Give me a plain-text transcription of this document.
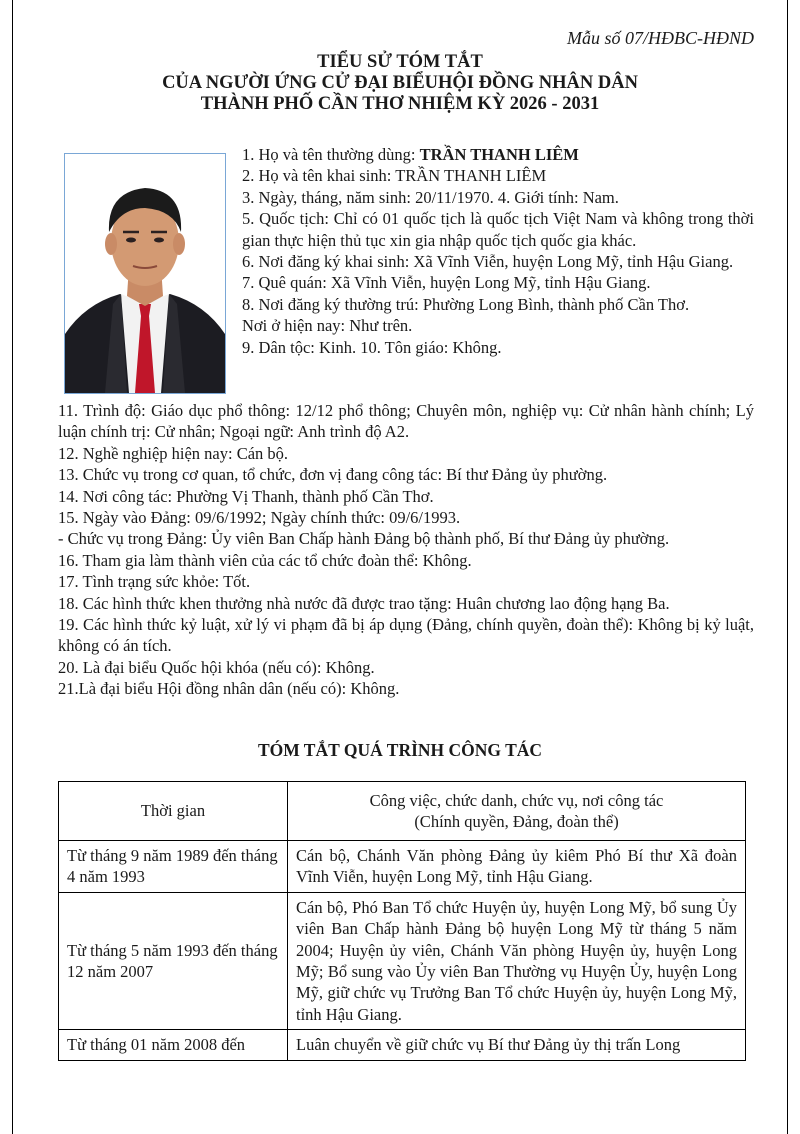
Mẫu số 07/HĐBC-HĐND
TIỂU SỬ TÓM TẮT
CỦA NGƯỜI ỨNG CỬ ĐẠI BIỂUHỘI ĐỒNG NHÂN DÂN
THÀNH PHỐ CẦN THƠ NHIỆM KỲ 2026 - 2031

1. Họ và tên thường dùng: TRẦN THANH LIÊM

2. Họ và tên khai sinh: TRẦN THANH LIÊM

3. Ngày, tháng, năm sinh: 20/11/1970. 4. Giới tính: Nam.

5. Quốc tịch: Chỉ có 01 quốc tịch là quốc tịch Việt Nam và không trong thời gian thực hiện thủ tục xin gia nhập quốc tịch quốc gia khác.

6. Nơi đăng ký khai sinh: Xã Vĩnh Viễn, huyện Long Mỹ, tỉnh Hậu Giang.

7. Quê quán: Xã Vĩnh Viễn, huyện Long Mỹ, tỉnh Hậu Giang.

8. Nơi đăng ký thường trú: Phường Long Bình, thành phố Cần Thơ.

Nơi ở hiện nay: Như trên.

9. Dân tộc: Kinh. 10. Tôn giáo: Không.

11. Trình độ: Giáo dục phổ thông: 12/12 phổ thông; Chuyên môn, nghiệp vụ: Cử nhân hành chính; Lý luận chính trị: Cử nhân; Ngoại ngữ: Anh trình độ A2.

12. Nghề nghiệp hiện nay: Cán bộ.

13. Chức vụ trong cơ quan, tổ chức, đơn vị đang công tác: Bí thư Đảng ủy phường.

14. Nơi công tác: Phường Vị Thanh, thành phố Cần Thơ.

15. Ngày vào Đảng: 09/6/1992; Ngày chính thức: 09/6/1993.

- Chức vụ trong Đảng: Ủy viên Ban Chấp hành Đảng bộ thành phố, Bí thư Đảng ủy phường.

16. Tham gia làm thành viên của các tổ chức đoàn thể: Không.

17. Tình trạng sức khỏe: Tốt.

18. Các hình thức khen thưởng nhà nước đã được trao tặng: Huân chương lao động hạng Ba.

19. Các hình thức kỷ luật, xử lý vi phạm đã bị áp dụng (Đảng, chính quyền, đoàn thể): Không bị kỷ luật, không có án tích.

20. Là đại biểu Quốc hội khóa (nếu có): Không.

21.Là đại biểu Hội đồng nhân dân (nếu có): Không.

TÓM TẮT QUÁ TRÌNH CÔNG TÁC
Thời gian	Công việc, chức danh, chức vụ, nơi công tác
(Chính quyền, Đảng, đoàn thể)

Từ tháng 9 năm 1989 đến tháng 4 năm 1993	Cán bộ, Chánh Văn phòng Đảng ủy kiêm Phó Bí thư Xã đoàn Vĩnh Viễn, huyện Long Mỹ, tỉnh Hậu Giang.
Từ tháng 5 năm 1993 đến tháng 12 năm 2007	Cán bộ, Phó Ban Tổ chức Huyện ủy, huyện Long Mỹ, bổ sung Ủy viên Ban Chấp hành Đảng bộ huyện Long Mỹ từ tháng 5 năm 2004; Huyện ủy viên, Chánh Văn phòng Huyện ủy, huyện Long Mỹ; Bổ sung vào Ủy viên Ban Thường vụ Huyện Ủy, huyện Long Mỹ, giữ chức vụ Trưởng Ban Tổ chức Huyện ủy, huyện Long Mỹ, tỉnh Hậu Giang.
Từ tháng 01 năm 2008 đến	Luân chuyển về giữ chức vụ Bí thư Đảng ủy thị trấn Long
